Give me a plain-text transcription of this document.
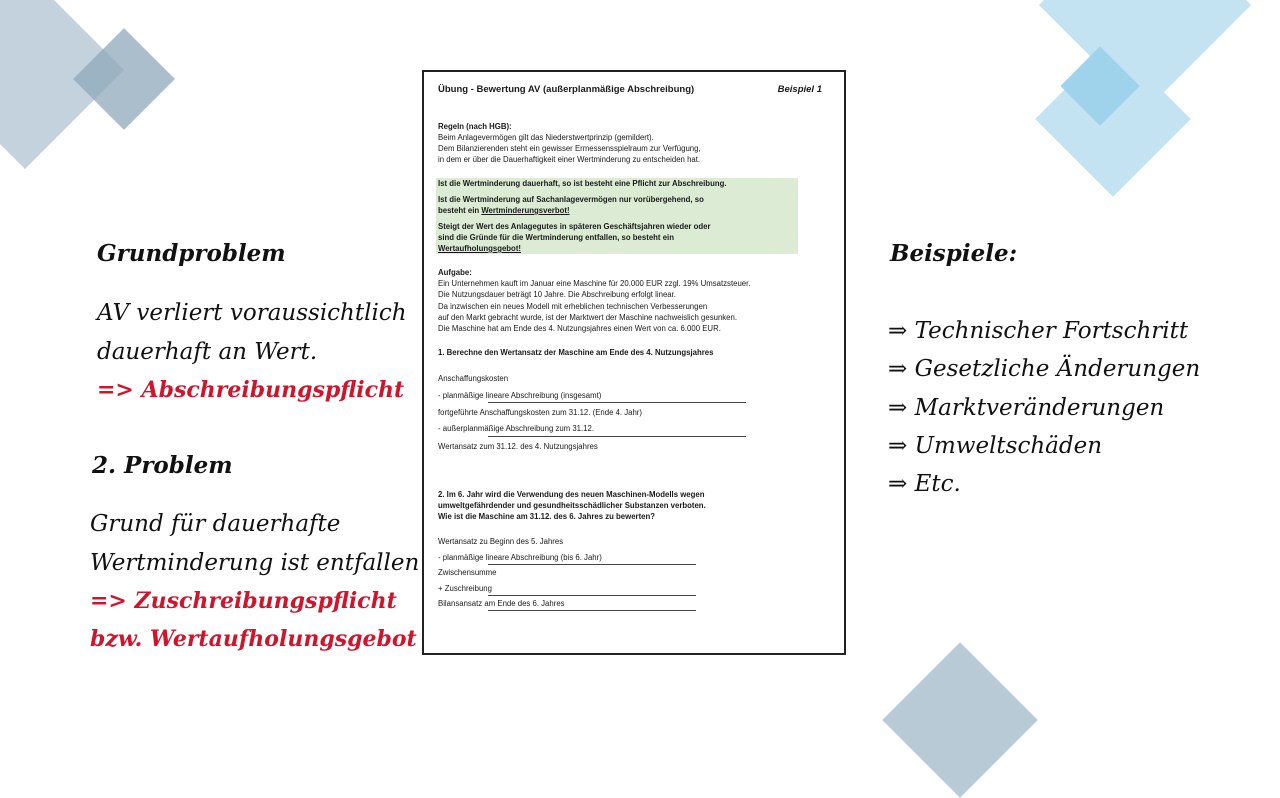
Grundproblem
AV verliert voraussichtlich
dauerhaft an Wert.
=> Abschreibungspflicht
2. Problem
Grund für dauerhafte
Wertminderung ist entfallen
=> Zuschreibungspflicht
bzw. Wertaufholungsgebot
Beispiele:
⇒ Technischer Fortschritt
⇒ Gesetzliche Änderungen
⇒ Marktveränderungen
⇒ Umweltschäden
⇒ Etc.
Übung - Bewertung AV (außerplanmäßige Abschreibung)	Beispiel 1
Regeln (nach HGB):
Beim Anlagevermögen gilt das Niederstwertprinzip (gemildert).
Dem Bilanzierenden steht ein gewisser Ermessensspielraum zur Verfügung,
in dem er über die Dauerhaftigkeit einer Wertminderung zu entscheiden hat.
Ist die Wertminderung dauerhaft, so ist besteht eine Pflicht zur Abschreibung.
Ist die Wertminderung auf Sachanlagevermögen nur vorübergehend, so
besteht ein Wertminderungsverbot!
Steigt der Wert des Anlagegutes in späteren Geschäftsjahren wieder oder
sind die Gründe für die Wertminderung entfallen, so besteht ein
Wertaufholungsgebot!
Aufgabe:
Ein Unternehmen kauft im Januar eine Maschine für 20.000 EUR zzgl. 19% Umsatzsteuer.
Die Nutzungsdauer beträgt 10 Jahre. Die Abschreibung erfolgt linear.
Da inzwischen ein neues Modell mit erheblichen technischen Verbesserungen
auf den Markt gebracht wurde, ist der Marktwert der Maschine nachweislich gesunken.
Die Maschine hat am Ende des 4. Nutzungsjahres einen Wert von ca. 6.000 EUR.
1. Berechne den Wertansatz der Maschine am Ende des 4. Nutzungsjahres
Anschaffungskosten
- planmäßige lineare Abschreibung (insgesamt)
fortgeführte Anschaffungskosten zum 31.12. (Ende 4. Jahr)
- außerplanmäßige Abschreibung zum 31.12.
Wertansatz zum 31.12. des 4. Nutzungsjahres
2. Im 6. Jahr wird die Verwendung des neuen Maschinen-Modells wegen
umweltgefährdender und gesundheitsschädlicher Substanzen verboten.
Wie ist die Maschine am 31.12. des 6. Jahres zu bewerten?
Wertansatz zu Beginn des 5. Jahres
- planmäßige lineare Abschreibung (bis 6. Jahr)
Zwischensumme
+ Zuschreibung
Bilansansatz am Ende des 6. Jahres
